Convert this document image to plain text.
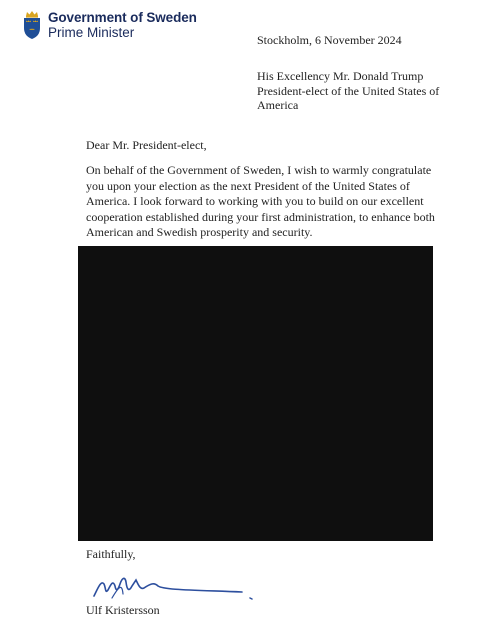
Government of Sweden
Prime Minister	Stockholm, 6 November 2024
His Excellency Mr. Donald Trump
President-elect of the United States of
America
Dear Mr. President-elect,
On behalf of the Government of Sweden, I wish to warmly congratulate you upon your election as the next President of the United States of America. I look forward to working with you to build on our excellent cooperation established during your first administration, to enhance both American and Swedish prosperity and security.
Faithfully,
Ulf Kristersson
